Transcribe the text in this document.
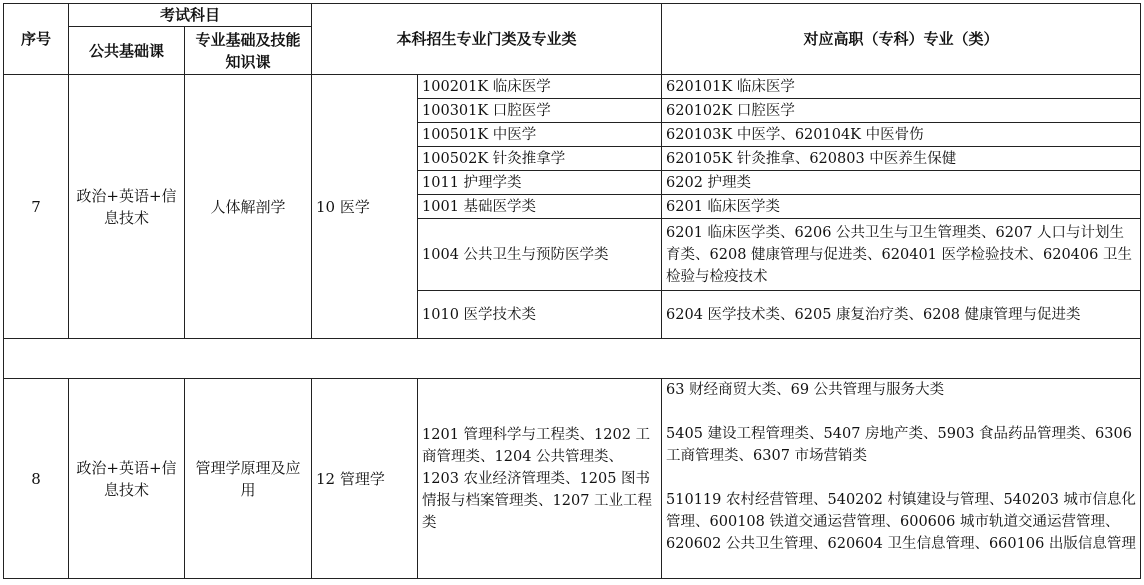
序号	考试科目		本科招生专业门类及专业类		对应高职（专科）专业（类）
	公共基础课	专业基础及技能知识课			
7	政治+英语+信息技术	人体解剖学	10 医学	100201K 临床医学	620101K 临床医学
				100301K 口腔医学	620102K 口腔医学
				100501K 中医学	620103K 中医学、620104K 中医骨伤
				100502K 针灸推拿学	620105K 针灸推拿、620803 中医养生保健
				1011 护理学类	6202 护理类
				1001 基础医学类	6201 临床医学类
				1004 公共卫生与预防医学类	6201 临床医学类、6206 公共卫生与卫生管理类、6207 人口与计划生育类、6208 健康管理与促进类、620401 医学检验技术、620406 卫生检验与检疫技术
				1010 医学技术类	6204 医学技术类、6205 康复治疗类、6208 健康管理与促进类

8	政治+英语+信息技术	管理学原理及应用	12 管理学	1201 管理科学与工程类、1202 工商管理类、1204 公共管理类、1203 农业经济管理类、1205 图书情报与档案管理类、1207 工业工程类	63 财经商贸大类、69 公共管理与服务大类
5405 建设工程管理类、5407 房地产类、5903 食品药品管理类、6306 工商管理类、6307 市场营销类
510119 农村经营管理、540202 村镇建设与管理、540203 城市信息化管理、600108 铁道交通运营管理、600606 城市轨道交通运营管理、620602 公共卫生管理、620604 卫生信息管理、660106 出版信息管理
